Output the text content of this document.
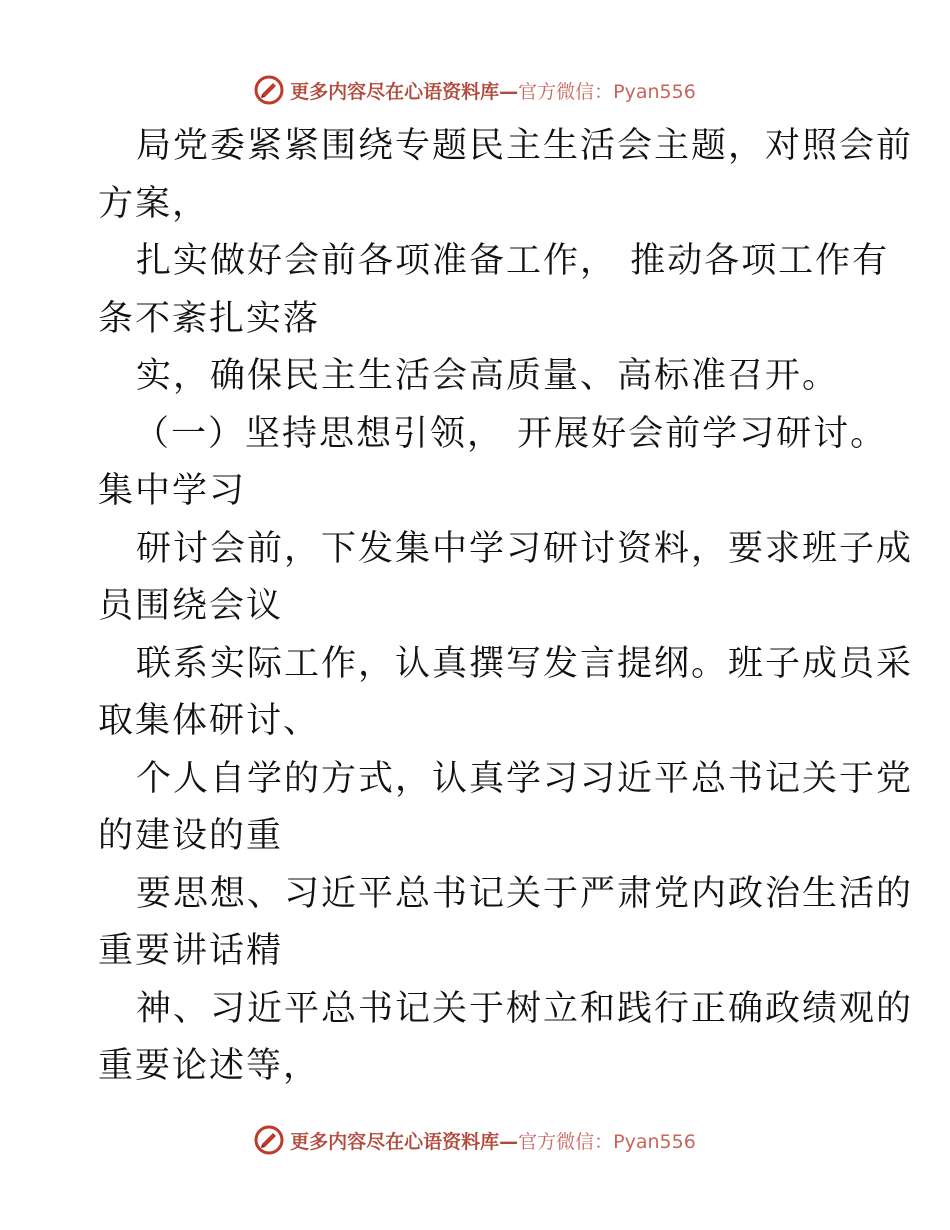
更多内容尽在心语资料库—官方微信：Pyan556
局党委紧紧围绕专题民主生活会主题，对照会前
方案，
扎实做好会前各项准备工作， 推动各项工作有
条不紊扎实落
实，确保民主生活会高质量、高标准召开。
（一）坚持思想引领， 开展好会前学习研讨。
集中学习
研讨会前，下发集中学习研讨资料，要求班子成
员围绕会议
联系实际工作，认真撰写发言提纲。班子成员采
取集体研讨、
个人自学的方式，认真学习习近平总书记关于党
的建设的重
要思想、习近平总书记关于严肃党内政治生活的
重要讲话精
神、习近平总书记关于树立和践行正确政绩观的
重要论述等，
更多内容尽在心语资料库—官方微信：Pyan556
